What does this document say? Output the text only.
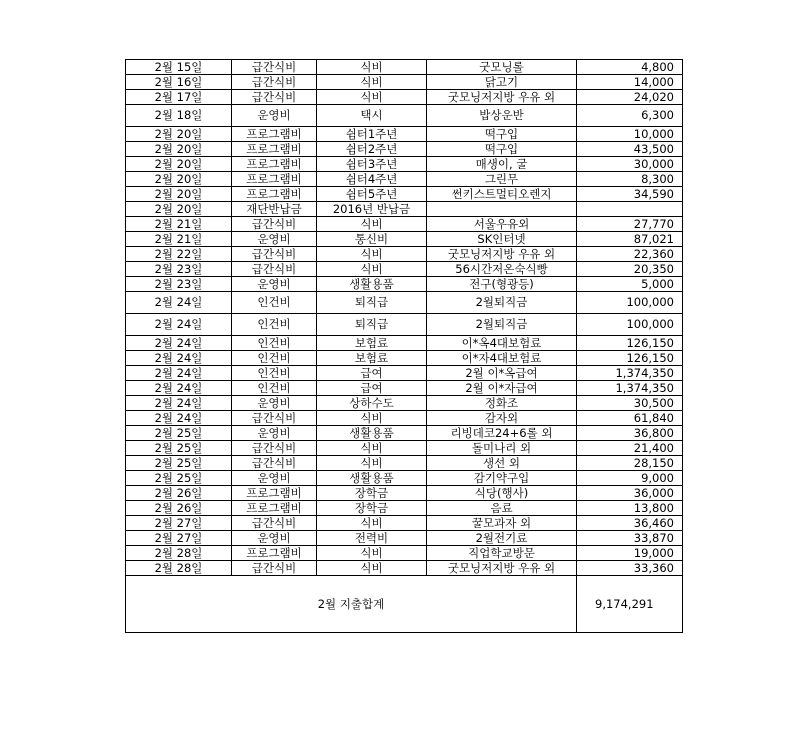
2월 15일	급간식비	식비	굿모닝롤	4,800
2월 16일	급간식비	식비	닭고기	14,000
2월 17일	급간식비	식비	굿모닝저지방 우유 외	24,020
2월 18일	운영비	택시	밥상운반	6,300
2월 20일	프로그램비	쉼터1주년	떡구입	10,000
2월 20일	프로그램비	쉼터2주년	떡구입	43,500
2월 20일	프로그램비	쉼터3주년	매생이, 굴	30,000
2월 20일	프로그램비	쉼터4주년	그린무	8,300
2월 20일	프로그램비	쉼터5주년	썬키스트멀티오렌지	34,590
2월 20일	재단반납금	2016년 반납금		
2월 21일	급간식비	식비	서울우유외	27,770
2월 21일	운영비	통신비	SK인터넷	87,021
2월 22일	급간식비	식비	굿모닝저지방 우유 외	22,360
2월 23일	급간식비	식비	56시간저온숙식빵	20,350
2월 23일	운영비	생활용품	전구(형광등)	5,000
2월 24일	인건비	퇴직급	2월퇴직금	100,000
2월 24일	인건비	퇴직급	2월퇴직금	100,000
2월 24일	인건비	보험료	이*옥4대보험료	126,150
2월 24일	인건비	보험료	이*자4대보험료	126,150
2월 24일	인건비	급여	2월 이*옥급여	1,374,350
2월 24일	인건비	급여	2월 이*자급여	1,374,350
2월 24일	운영비	상하수도	정화조	30,500
2월 24일	급간식비	식비	감자외	61,840
2월 25일	운영비	생활용품	리빙데코24+6롤 외	36,800
2월 25일	급간식비	식비	돌미나리 외	21,400
2월 25일	급간식비	식비	생선 외	28,150
2월 25일	운영비	생활용품	감기약구입	9,000
2월 26일	프로그램비	장학금	식당(행사)	36,000
2월 26일	프로그램비	장학금	음료	13,800
2월 27일	급간식비	식비	꿀모과자 외	36,460
2월 27일	운영비	전력비	2월전기료	33,870
2월 28일	프로그램비	식비	직업학교방문	19,000
2월 28일	급간식비	식비	굿모닝저지방 우유 외	33,360
2월 지출합계				9,174,291
